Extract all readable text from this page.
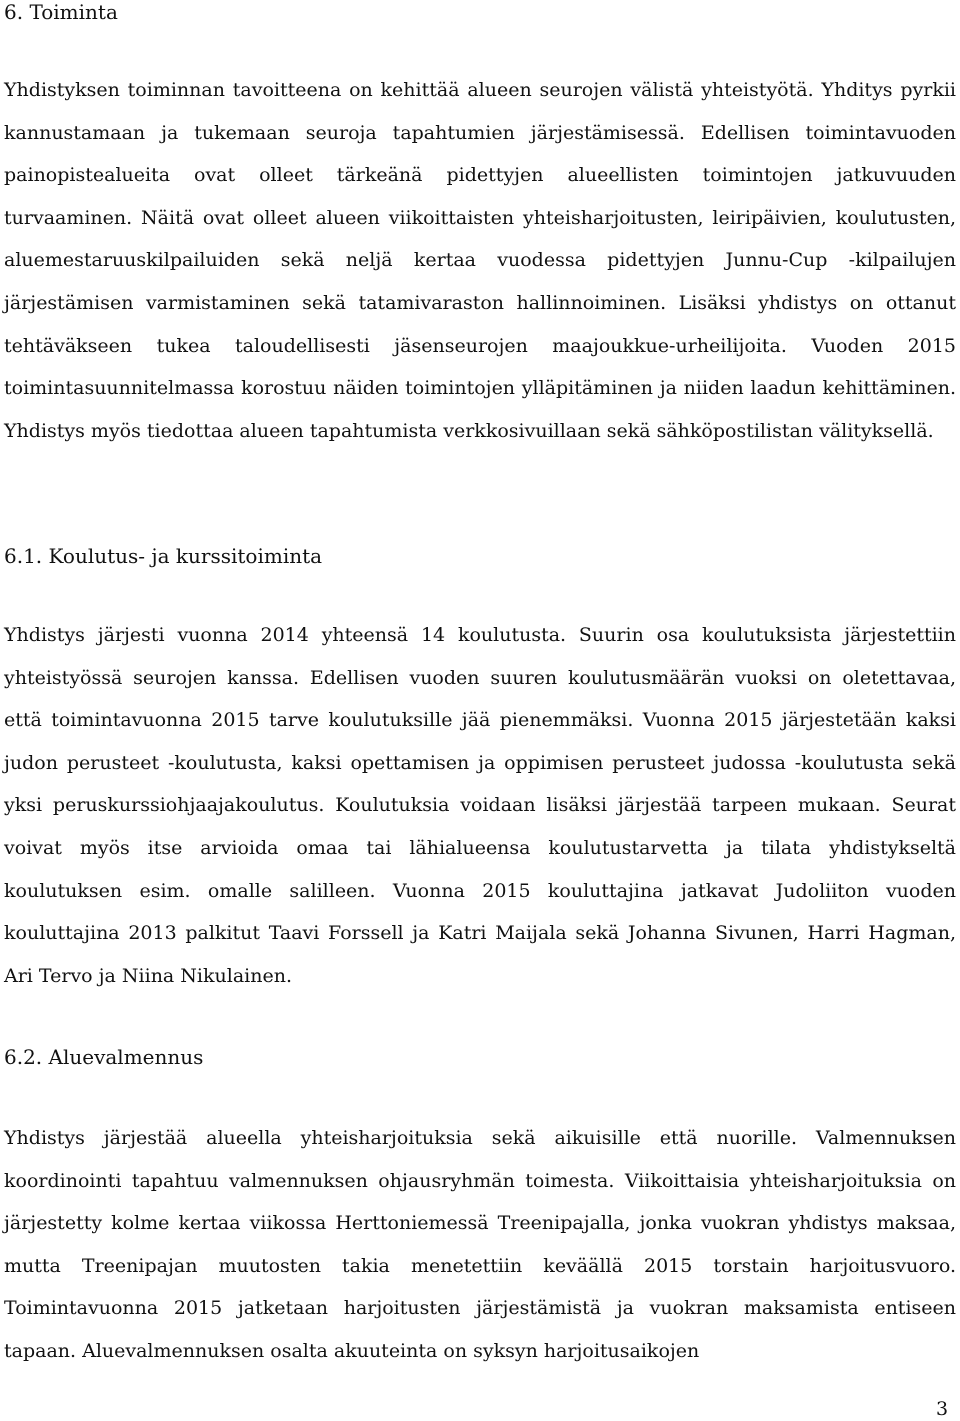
6. Toiminta

Yhdistyksen toiminnan tavoitteena on kehittää alueen seurojen välistä yhteistyötä. Yhditys pyrkii kannustamaan ja tukemaan seuroja tapahtumien järjestämisessä. Edellisen toimintavuoden painopistealueita ovat olleet tärkeänä pidettyjen alueellisten toimintojen jatkuvuuden turvaaminen. Näitä ovat olleet alueen viikoittaisten yhteisharjoitusten, leiripäivien, koulutusten, aluemestaruuskilpailuiden sekä neljä kertaa vuodessa pidettyjen Junnu-Cup -kilpailujen järjestämisen varmistaminen sekä tatamivaraston hallinnoiminen. Lisäksi yhdistys on ottanut tehtäväkseen tukea taloudellisesti jäsenseurojen maajoukkue-urheilijoita. Vuoden 2015 toimintasuunnitelmassa korostuu näiden toimintojen ylläpitäminen ja niiden laadun kehittäminen. Yhdistys myös tiedottaa alueen tapahtumista verkkosivuillaan sekä sähköpostilistan välityksellä.

6.1. Koulutus- ja kurssitoiminta

Yhdistys järjesti vuonna 2014 yhteensä 14 koulutusta. Suurin osa koulutuksista järjestettiin yhteistyössä seurojen kanssa. Edellisen vuoden suuren koulutusmäärän vuoksi on oletettavaa, että toimintavuonna 2015 tarve koulutuksille jää pienemmäksi. Vuonna 2015 järjestetään kaksi judon perusteet -koulutusta, kaksi opettamisen ja oppimisen perusteet judossa -koulutusta sekä yksi peruskurssiohjaajakoulutus. Koulutuksia voidaan lisäksi järjestää tarpeen mukaan. Seurat voivat myös itse arvioida omaa tai lähialueensa koulutustarvetta ja tilata yhdistykseltä koulutuksen esim. omalle salilleen. Vuonna 2015 kouluttajina jatkavat Judoliiton vuoden kouluttajina 2013 palkitut Taavi Forssell ja Katri Maijala sekä Johanna Sivunen, Harri Hagman, Ari Tervo ja Niina Nikulainen.

6.2. Aluevalmennus

Yhdistys järjestää alueella yhteisharjoituksia sekä aikuisille että nuorille. Valmennuksen koordinointi tapahtuu valmennuksen ohjausryhmän toimesta. Viikoittaisia yhteisharjoituksia on järjestetty kolme kertaa viikossa Herttoniemessä Treenipajalla, jonka vuokran yhdistys maksaa, mutta Treenipajan muutosten takia menetettiin keväällä 2015 torstain harjoitusvuoro. Toimintavuonna 2015 jatketaan harjoitusten järjestämistä ja vuokran maksamista entiseen tapaan. Aluevalmennuksen osalta akuuteinta on syksyn harjoitusaikojen

3
